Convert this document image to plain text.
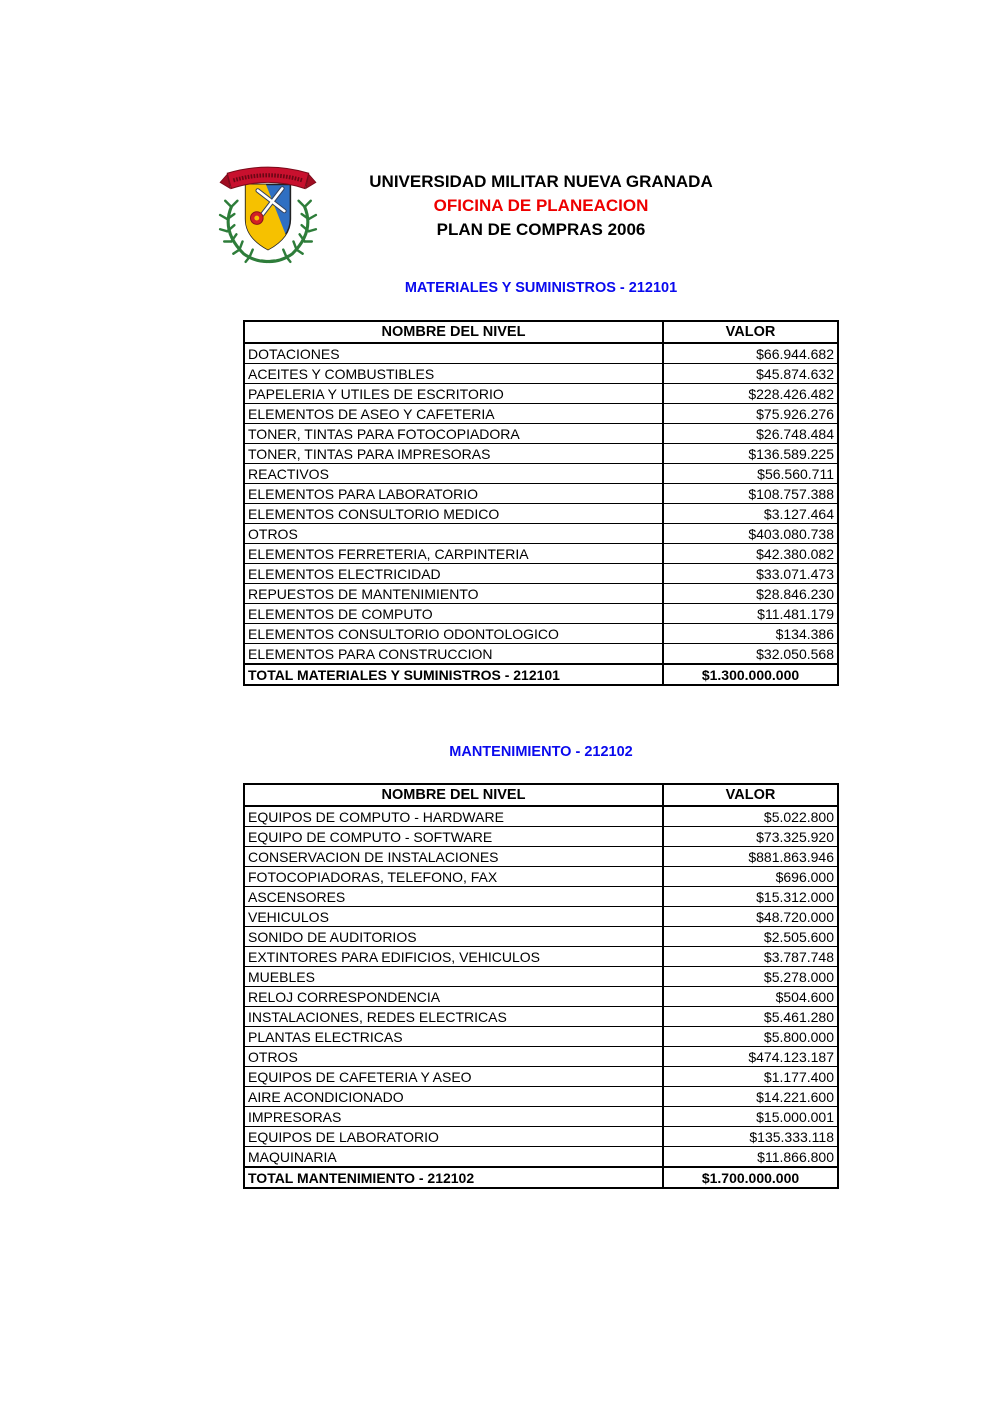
UNIVERSIDAD MILITAR NUEVA GRANADA
OFICINA DE PLANEACION
PLAN DE COMPRAS 2006
MATERIALES Y SUMINISTROS - 212101
NOMBRE DEL NIVEL	VALOR
DOTACIONES	$66.944.682
ACEITES Y COMBUSTIBLES	$45.874.632
PAPELERIA Y UTILES DE ESCRITORIO	$228.426.482
ELEMENTOS DE ASEO Y CAFETERIA	$75.926.276
TONER, TINTAS PARA FOTOCOPIADORA	$26.748.484
TONER, TINTAS PARA IMPRESORAS	$136.589.225
REACTIVOS	$56.560.711
ELEMENTOS PARA LABORATORIO	$108.757.388
ELEMENTOS CONSULTORIO MEDICO	$3.127.464
OTROS	$403.080.738
ELEMENTOS FERRETERIA, CARPINTERIA	$42.380.082
ELEMENTOS ELECTRICIDAD	$33.071.473
REPUESTOS DE MANTENIMIENTO	$28.846.230
ELEMENTOS DE COMPUTO	$11.481.179
ELEMENTOS CONSULTORIO ODONTOLOGICO	$134.386
ELEMENTOS PARA CONSTRUCCION	$32.050.568
TOTAL MATERIALES Y SUMINISTROS - 212101	$1.300.000.000
MANTENIMIENTO - 212102
NOMBRE DEL NIVEL	VALOR
EQUIPOS DE COMPUTO - HARDWARE	$5.022.800
EQUIPO DE COMPUTO - SOFTWARE	$73.325.920
CONSERVACION DE INSTALACIONES	$881.863.946
FOTOCOPIADORAS, TELEFONO, FAX	$696.000
ASCENSORES	$15.312.000
VEHICULOS	$48.720.000
SONIDO DE AUDITORIOS	$2.505.600
EXTINTORES PARA EDIFICIOS, VEHICULOS	$3.787.748
MUEBLES	$5.278.000
RELOJ CORRESPONDENCIA	$504.600
INSTALACIONES, REDES ELECTRICAS	$5.461.280
PLANTAS ELECTRICAS	$5.800.000
OTROS	$474.123.187
EQUIPOS DE CAFETERIA Y ASEO	$1.177.400
AIRE ACONDICIONADO	$14.221.600
IMPRESORAS	$15.000.001
EQUIPOS DE LABORATORIO	$135.333.118
MAQUINARIA	$11.866.800
TOTAL MANTENIMIENTO - 212102	$1.700.000.000
